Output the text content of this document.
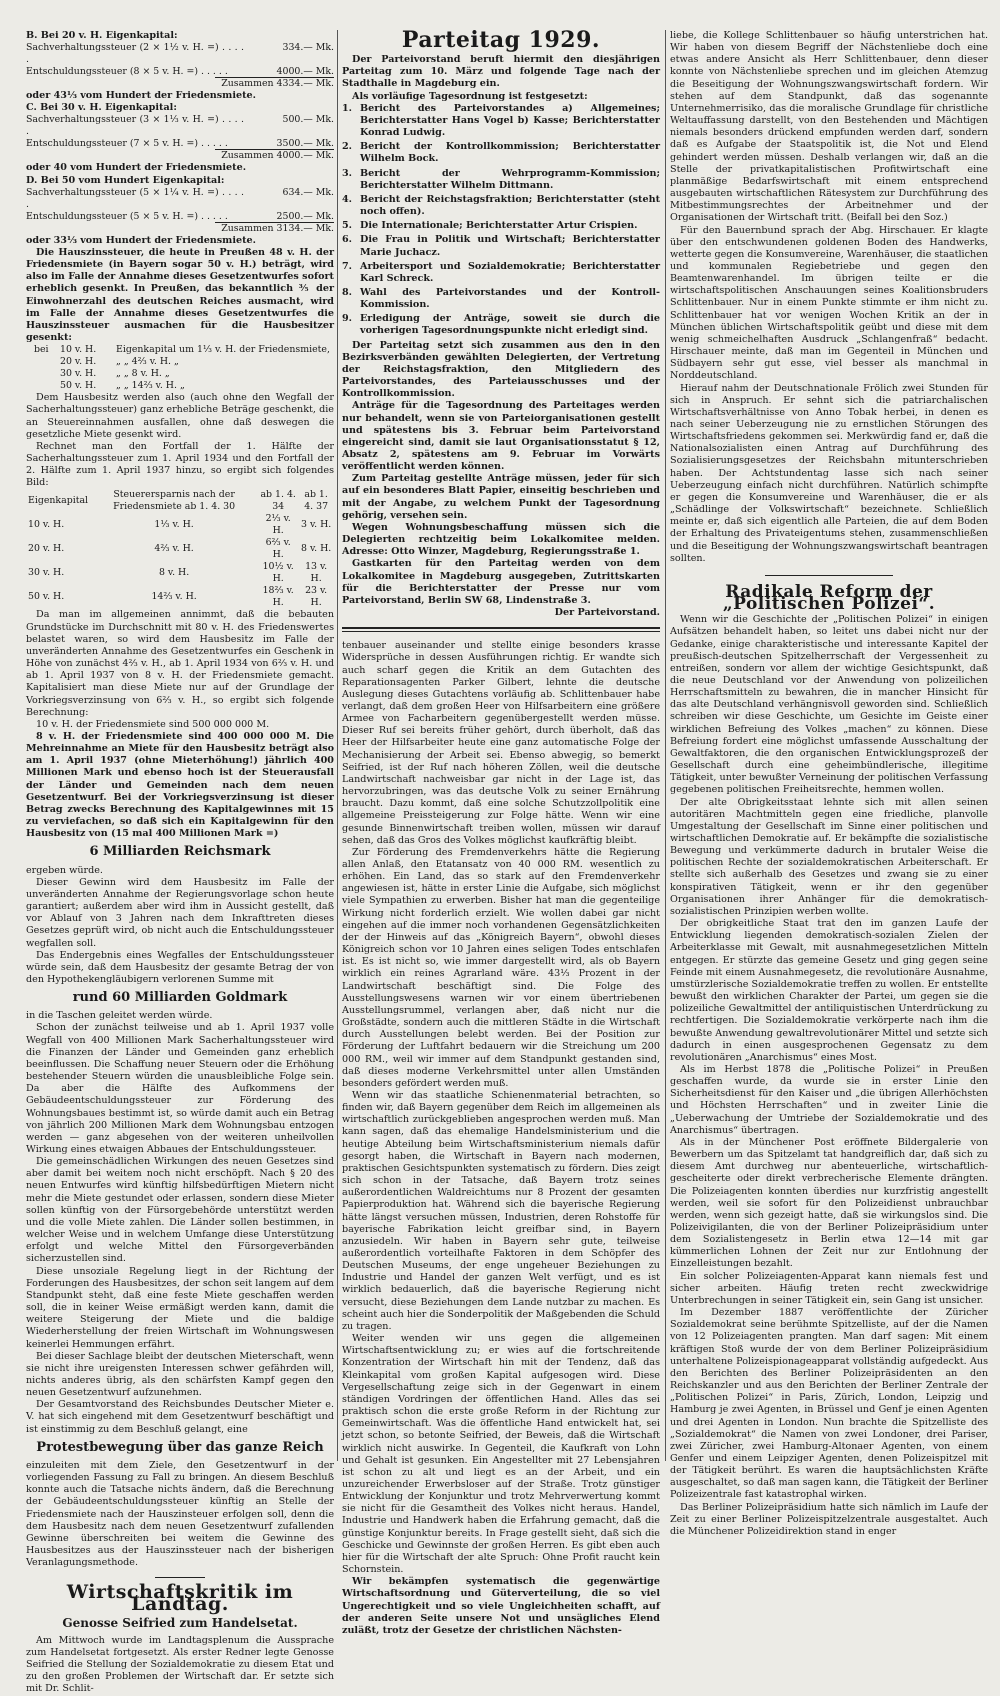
B. Bei 20 v. H. Eigenkapital:

Sachverhaltungssteuer (2 × 1½ v. H. =) . . . . .
334.— Mk.
Entschuldungssteuer (8 × 5 v. H. =) . . . . .	4000.— Mk.
Zusammen 4334.— Mk.

oder 43⅓ vom Hundert der Friedensmiete.

C. Bei 30 v. H. Eigenkapital:

Sachverhaltungssteuer (3 × 1⅓ v. H. =) . . . . .
500.— Mk.
Entschuldungssteuer (7 × 5 v. H. =) . . . . .	3500.— Mk.
Zusammen 4000.— Mk.

oder 40 vom Hundert der Friedensmiete.

D. Bei 50 vom Hundert Eigenkapital:

Sachverhaltungssteuer (5 × 1¼ v. H. =) . . . . .
634.— Mk.
Entschuldungssteuer (5 × 5 v. H. =) . . . . .	2500.— Mk.
Zusammen 3134.— Mk.

oder 33⅓ vom Hundert der Friedensmiete.

Die Hauszinssteuer, die heute in Preußen 48 v. H. der Friedensmiete (in Bayern sogar 50 v. H.) beträgt, wird also im Falle der Annahme dieses Gesetzentwurfes sofort erheblich gesenkt. In Preußen, das bekanntlich ⅗ der Einwohnerzahl des deutschen Reiches ausmacht, wird im Falle der Annahme dieses Gesetzentwurfes die Hauszinssteuer ausmachen für die Hausbesitzer gesenkt:

bei	10 v. H.	Eigenkapital um 1⅓ v. H. der Friedensmiete,
20 v. H.	„ „ 4⅔ v. H. „
30 v. H.	„ „ 8 v. H. „
50 v. H.	„ „ 14⅔ v. H. „

Dem Hausbesitz werden also (auch ohne den Wegfall der Sacherhaltungssteuer) ganz erhebliche Beträge geschenkt, die an Steuereinnahmen ausfallen, ohne daß deswegen die gesetzliche Miete gesenkt wird.

Rechnet man den Fortfall der 1. Hälfte der Sacherhaltungssteuer zum 1. April 1934 und den Fortfall der 2. Hälfte zum 1. April 1937 hinzu, so ergibt sich folgendes Bild:

Eigenkapital	Steuerersparnis nach der Friedensmiete ab 1. 4. 30	ab 1. 4. 34	ab 1. 4. 37
10 v. H.	1⅓ v. H.	2⅓ v. H.	3 v. H.
20 v. H.	4⅔ v. H.	6⅔ v. H.	8 v. H.
30 v. H.	8 v. H.	10½ v. H.	13 v. H.
50 v. H.	14⅔ v. H.	18⅔ v. H.	23 v. H.

Da man im allgemeinen annimmt, daß die bebauten Grundstücke im Durchschnitt mit 80 v. H. des Friedenswertes belastet waren, so wird dem Hausbesitz im Falle der unveränderten Annahme des Gesetzentwurfes ein Geschenk in Höhe von zunächst 4⅔ v. H., ab 1. April 1934 von 6⅔ v. H. und ab 1. April 1937 von 8 v. H. der Friedensmiete gemacht. Kapitalisiert man diese Miete nur auf der Grundlage der Vorkriegsverzinsung von 6⅔ v. H., so ergibt sich folgende Berechnung:

10 v. H. der Friedensmiete sind 500 000 000 M.

8 v. H. der Friedensmiete sind 400 000 000 M. Die Mehreinnahme an Miete für den Hausbesitz beträgt also am 1. April 1937 (ohne Mieterhöhung!) jährlich 400 Millionen Mark und ebenso hoch ist der Steuerausfall der Länder und Gemeinden nach dem neuen Gesetzentwurf. Bei der Vorkriegsverzinsung ist dieser Betrag zwecks Berechnung des Kapitalgewinnes mit 15 zu verviefachen, so daß sich ein Kapitalgewinn für den Hausbesitz von (15 mal 400 Millionen Mark =)

6 Milliarden Reichsmark

ergeben würde.

Dieser Gewinn wird dem Hausbesitz im Falle der unveränderten Annahme der Regierungsvorlage schon heute garantiert; außerdem aber wird ihm in Aussicht gestellt, daß vor Ablauf von 3 Jahren nach dem Inkrafttreten dieses Gesetzes geprüft wird, ob nicht auch die Entschuldungssteuer wegfallen soll.

Das Endergebnis eines Wegfalles der Entschuldungssteuer würde sein, daß dem Hausbesitz der gesamte Betrag der von den Hypothekengläubigern verlorenen Summe mit

rund 60 Milliarden Goldmark

in die Taschen geleitet werden würde.

Schon der zunächst teilweise und ab 1. April 1937 volle Wegfall von 400 Millionen Mark Sacherhaltungssteuer wird die Finanzen der Länder und Gemeinden ganz erheblich beeinflussen. Die Schaffung neuer Steuern oder die Erhöhung bestehender Steuern würden die unausbleibliche Folge sein. Da aber die Hälfte des Aufkommens der Gebäudeentschuldungssteuer zur Förderung des Wohnungsbaues bestimmt ist, so würde damit auch ein Betrag von jährlich 200 Millionen Mark dem Wohnungsbau entzogen werden — ganz abgesehen von der weiteren unheilvollen Wirkung eines etwaigen Abbaues der Entschuldungssteuer.

Die gemeinschädlichen Wirkungen des neuen Gesetzes sind aber damit bei weitem noch nicht erschöpft. Nach § 20 des neuen Entwurfes wird künftig hilfsbedürftigen Mietern nicht mehr die Miete gestundet oder erlassen, sondern diese Mieter sollen künftig von der Fürsorgebehörde unterstützt werden und die volle Miete zahlen. Die Länder sollen bestimmen, in welcher Weise und in welchem Umfange diese Unterstützung erfolgt und welche Mittel den Fürsorgeverbänden sicherzustellen sind.

Diese unsoziale Regelung liegt in der Richtung der Forderungen des Hausbesitzes, der schon seit langem auf dem Standpunkt steht, daß eine feste Miete geschaffen werden soll, die in keiner Weise ermäßigt werden kann, damit die weitere Steigerung der Miete und die baldige Wiederherstellung der freien Wirtschaft im Wohnungswesen keinerlei Hemmungen erfährt.

Bei dieser Sachlage bleibt der deutschen Mieterschaft, wenn sie nicht ihre ureigensten Interessen schwer gefährden will, nichts anderes übrig, als den schärfsten Kampf gegen den neuen Gesetzentwurf aufzunehmen.

Der Gesamtvorstand des Reichsbundes Deutscher Mieter e. V. hat sich eingehend mit dem Gesetzentwurf beschäftigt und ist einstimmig zu dem Beschluß gelangt, eine

Protestbewegung über das ganze Reich

einzuleiten mit dem Ziele, den Gesetzentwurf in der vorliegenden Fassung zu Fall zu bringen. An diesem Beschluß konnte auch die Tatsache nichts ändern, daß die Berechnung der Gebäudeentschuldungssteuer künftig an Stelle der Friedensmiete nach der Hauszinsteuer erfolgen soll, denn die dem Hausbesitz nach dem neuen Gesetzentwurf zufallenden Gewinne überschreiten bei weitem die Gewinne des Hausbesitzes aus der Hauszinssteuer nach der bisherigen Veranlagungsmethode.

Wirtschaftskritik im Landtag.

Genosse Seifried zum Handelsetat.

Am Mittwoch wurde im Landtagsplenum die Aussprache zum Handelsetat fortgesetzt. Als erster Redner legte Genosse Seifried die Stellung der Sozialdemokratie zu diesem Etat und zu den großen Problemen der Wirtschaft dar. Er setzte sich mit Dr. Schlit-

Parteitag 1929.

Der Parteivorstand beruft hiermit den diesjährigen Parteitag zum 10. März und folgende Tage nach der Stadthalle in Magdeburg ein.

Als vorläufige Tagesordnung ist festgesetzt:

1. Bericht des Parteivorstandes a) Allgemeines; Berichterstatter Hans Vogel b) Kasse; Berichterstatter Konrad Ludwig.
2. Bericht der Kontrollkommission; Berichterstatter Wilhelm Bock.
3. Bericht der Wehrprogramm-Kommission; Berichterstatter Wilhelm Dittmann.
4. Bericht der Reichstagsfraktion; Berichterstatter (steht noch offen).
5. Die Internationale; Berichterstatter Artur Crispien.
6. Die Frau in Politik und Wirtschaft; Berichterstatter Marie Juchacz.
7. Arbeitersport und Sozialdemokratie; Berichterstatter Karl Schreck.
8. Wahl des Parteivorstandes und der Kontroll-Kommission.
9. Erledigung der Anträge, soweit sie durch die vorherigen Tagesordnungspunkte nicht erledigt sind.

Der Parteitag setzt sich zusammen aus den in den Bezirksverbänden gewählten Delegierten, der Vertretung der Reichstagsfraktion, den Mitgliedern des Parteivorstandes, des Parteiausschusses und der Kontrollkommission.

Anträge für die Tagesordnung des Parteitages werden nur behandelt, wenn sie von Parteiorganisationen gestellt und spätestens bis 3. Februar beim Parteivorstand eingereicht sind, damit sie laut Organisationsstatut § 12, Absatz 2, spätestens am 9. Februar im Vorwärts veröffentlicht werden können.

Zum Parteitag gestellte Anträge müssen, jeder für sich auf ein besonderes Blatt Papier, einseitig beschrieben und mit der Angabe, zu welchem Punkt der Tagesordnung gehörig, versehen sein.

Wegen Wohnungsbeschaffung müssen sich die Delegierten rechtzeitig beim Lokalkomitee melden. Adresse: Otto Winzer, Magdeburg, Regierungsstraße 1.

Gastkarten für den Parteitag werden von dem Lokalkomitee in Magdeburg ausgegeben, Zutrittskarten für die Berichterstatter der Presse nur vom Parteivorstand, Berlin SW 68, Lindenstraße 3.

Der Parteivorstand.

tenbauer auseinander und stellte einige besonders krasse Widersprüche in dessen Ausführungen richtig. Er wandte sich auch scharf gegen die Kritik an dem Gutachten des Reparationsagenten Parker Gilbert, lehnte die deutsche Auslegung dieses Gutachtens vorläufig ab. Schlittenbauer habe verlangt, daß dem großen Heer von Hilfsarbeitern eine größere Armee von Facharbeitern gegenübergestellt werden müsse. Dieser Ruf sei bereits früher gehört, durch überholt, daß das Heer der Hilfsarbeiter heute eine ganz automatische Folge der Mechanisierung der Arbeit sei. Ebenso abwegig, so bemerkt Seifried, ist der Ruf nach höheren Zöllen, weil die deutsche Landwirtschaft nachweisbar gar nicht in der Lage ist, das hervorzubringen, was das deutsche Volk zu seiner Ernährung braucht. Dazu kommt, daß eine solche Schutzzollpolitik eine allgemeine Preissteigerung zur Folge hätte. Wenn wir eine gesunde Binnenwirtschaft treiben wollen, müssen wir darauf sehen, daß das Gros des Volkes möglichst kaufkräftig bleibt.

Zur Förderung des Fremdenverkehrs hätte die Regierung allen Anlaß, den Etatansatz von 40 000 RM. wesentlich zu erhöhen. Ein Land, das so stark auf den Fremdenverkehr angewiesen ist, hätte in erster Linie die Aufgabe, sich möglichst viele Sympathien zu erwerben. Bisher hat man die gegenteilige Wirkung nicht forderlich erzielt. Wie wollen dabei gar nicht eingehen auf die immer noch vorhandenen Gegensätzlichkeiten der der Hinweis auf das „Königreich Bayern“, obwohl dieses Königreich schon vor 10 Jahren eines seligen Todes entschlafen ist. Es ist nicht so, wie immer dargestellt wird, als ob Bayern wirklich ein reines Agrarland wäre. 43⅓ Prozent in der Landwirtschaft beschäftigt sind. Die Folge des Ausstellungswesens warnen wir vor einem übertriebenen Ausstellungsrummel, verlangen aber, daß nicht nur die Großstädte, sondern auch die mittleren Städte in die Wirtschaft durch Ausstellungen belebt werden. Bei der Position zur Förderung der Luftfahrt bedauern wir die Streichung um 200 000 RM., weil wir immer auf dem Standpunkt gestanden sind, daß dieses moderne Verkehrsmittel unter allen Umständen besonders gefördert werden muß.

Wenn wir das staatliche Schienenmaterial betrachten, so finden wir, daß Bayern gegenüber dem Reich im allgemeinen als wirtschaftlich zurückgeblieben angesprochen werden muß. Man kann sagen, daß das ehemalige Handelsministerium und die heutige Abteilung beim Wirtschaftsministerium niemals dafür gesorgt haben, die Wirtschaft in Bayern nach modernen, praktischen Gesichtspunkten systematisch zu fördern. Dies zeigt sich schon in der Tatsache, daß Bayern trotz seines außerordentlichen Waldreichtums nur 8 Prozent der gesamten Papierproduktion hat. Während sich die bayerische Regierung hätte längst versuchen müssen, Industrien, deren Rohstoffe für bayerische Fabrikation leicht greifbar sind, in Bayern anzusiedeln. Wir haben in Bayern sehr gute, teilweise außerordentlich vorteilhafte Faktoren in dem Schöpfer des Deutschen Museums, der enge ungeheuer Beziehungen zu Industrie und Handel der ganzen Welt verfügt, und es ist wirklich bedauerlich, daß die bayerische Regierung nicht versucht, diese Beziehungen dem Lande nutzbar zu machen. Es scheint auch hier die Sonderpolitik der Maßgebenden die Schuld zu tragen.

Weiter wenden wir uns gegen die allgemeinen Wirtschaftsentwicklung zu; er wies auf die fortschreitende Konzentration der Wirtschaft hin mit der Tendenz, daß das Kleinkapital vom großen Kapital aufgesogen wird. Diese Vergesellschaftung zeige sich in der Gegenwart in einem ständigen Vordringen der öffentlichen Hand. Alles das sei praktisch schon die erste große Reform in der Richtung zur Gemeinwirtschaft. Was die öffentliche Hand entwickelt hat, sei jetzt schon, so betonte Seifried, der Beweis, daß die Wirtschaft wirklich nicht auswirke. In Gegenteil, die Kaufkraft von Lohn und Gehalt ist gesunken. Ein Angestellter mit 27 Lebensjahren ist schon zu alt und liegt es an der Arbeit, und ein unzureichender Erwerbsloser auf der Straße. Trotz günstiger Entwicklung der Konjunktur und trotz Mehrverwertung kommt sie nicht für die Gesamtheit des Volkes nicht heraus. Handel, Industrie und Handwerk haben die Erfahrung gemacht, daß die günstige Konjunktur bereits. In Frage gestellt sieht, daß sich die Geschicke und Gewinnste der großen Herren. Es gibt eben auch hier für die Wirtschaft der alte Spruch: Ohne Profit raucht kein Schornstein.

Wir bekämpfen systematisch die gegenwärtige Wirtschaftsordnung und Güterverteilung, die so viel Ungerechtigkeit und so viele Ungleichheiten schafft, auf der anderen Seite unsere Not und unsägliches Elend zuläßt, trotz der Gesetze der christlichen Nächsten-

liebe, die Kollege Schlittenbauer so häufig unterstrichen hat. Wir haben von diesem Begriff der Nächstenliebe doch eine etwas andere Ansicht als Herr Schlittenbauer, denn dieser konnte von Nächstenliebe sprechen und im gleichen Atemzug die Beseitigung der Wohnungszwangswirtschaft fordern. Wir stehen auf dem Standpunkt, daß das sogenannte Unternehmerrisiko, das die moralische Grundlage für christliche Weltauffassung darstellt, von den Bestehenden und Mächtigen niemals besonders drückend empfunden werden darf, sondern daß es Aufgabe der Staatspolitik ist, die Not und Elend gehindert werden müssen. Deshalb verlangen wir, daß an die Stelle der privatkapitalistischen Profitwirtschaft eine planmäßige Bedarfswirtschaft mit einem entsprechend ausgebauten wirtschaftlichen Rätesystem zur Durchführung des Mitbestimmungsrechtes der Arbeitnehmer und der Organisationen der Wirtschaft tritt. (Beifall bei den Soz.)

Für den Bauernbund sprach der Abg. Hirschauer. Er klagte über den entschwundenen goldenen Boden des Handwerks, wetterte gegen die Konsumvereine, Warenhäuser, die staatlichen und kommunalen Regiebetriebe und gegen den Beamtenwarenhandel. Im übrigen teilte er die wirtschaftspolitischen Anschauungen seines Koalitionsbruders Schlittenbauer. Nur in einem Punkte stimmte er ihm nicht zu. Schlittenbauer hat vor wenigen Wochen Kritik an der in München üblichen Wirtschaftspolitik geübt und diese mit dem wenig schmeichelhaften Ausdruck „Schlangenfraß“ bedacht. Hirschauer meinte, daß man im Gegenteil in München und Südbayern sehr gut esse, viel besser als manchmal in Norddeutschland.

Hierauf nahm der Deutschnationale Frölich zwei Stunden für sich in Anspruch. Er sehnt sich die patriarchalischen Wirtschaftsverhältnisse von Anno Tobak herbei, in denen es nach seiner Ueberzeugung nie zu ernstlichen Störungen des Wirtschaftsfriedens gekommen sei. Merkwürdig fand er, daß die Nationalsozialisten einen Antrag auf Durchführung des Sozialisierungsgesetzes der Reichsbahn mitunterschrieben haben. Der Achtstundentag lasse sich nach seiner Ueberzeugung einfach nicht durchführen. Natürlich schimpfte er gegen die Konsumvereine und Warenhäuser, die er als „Schädlinge der Volkswirtschaft“ bezeichnete. Schließlich meinte er, daß sich eigentlich alle Parteien, die auf dem Boden der Erhaltung des Privateigentums stehen, zusammenschließen und die Beseitigung der Wohnungszwangswirtschaft beantragen sollten.

Radikale Reform der „Politischen Polizei“.

Wenn wir die Geschichte der „Politischen Polizei“ in einigen Aufsätzen behandelt haben, so leitet uns dabei nicht nur der Gedanke, einige charakteristische und interessante Kapitel der preußisch-deutschen Spitzelherrschaft der Vergessenheit zu entreißen, sondern vor allem der wichtige Gesichtspunkt, daß die neue Deutschland vor der Anwendung von polizeilichen Herrschaftsmitteln zu bewahren, die in mancher Hinsicht für das alte Deutschland verhängnisvoll geworden sind. Schließlich schreiben wir diese Geschichte, um Gesichte im Geiste einer wirklichen Befreiung des Volkes „machen“ zu können. Diese Befreiung fordert eine möglichst umfassende Ausschaltung der Gewaltfaktoren, die den organischen Entwicklungsprozeß der Gesellschaft durch eine geheimbündlerische, illegitime Tätigkeit, unter bewußter Verneinung der politischen Verfassung gegebenen politischen Freiheitsrechte, hemmen wollen.

Der alte Obrigkeitsstaat lehnte sich mit allen seinen autoritären Machtmitteln gegen eine friedliche, planvolle Umgestaltung der Gesellschaft im Sinne einer politischen und wirtschaftlichen Demokratie auf. Er bekämpfte die sozialistische Bewegung und verkümmerte dadurch in brutaler Weise die politischen Rechte der sozialdemokratischen Arbeiterschaft. Er stellte sich außerhalb des Gesetzes und zwang sie zu einer konspirativen Tätigkeit, wenn er ihr den gegenüber Organisationen ihrer Anhänger für die demokratisch-sozialistischen Prinzipien werben wollte.

Der obrigkeitliche Staat trat den im ganzen Laufe der Entwicklung liegenden demokratisch-sozialen Zielen der Arbeiterklasse mit Gewalt, mit ausnahmegesetzlichen Mitteln entgegen. Er stürzte das gemeine Gesetz und ging gegen seine Feinde mit einem Ausnahmegesetz, die revolutionäre Ausnahme, umstürzlerische Sozialdemokratie treffen zu wollen. Er entstellte bewußt den wirklichen Charakter der Partei, um gegen sie die polizeiliche Gewaltmittel der antiliquistischen Unterdrückung zu rechtfertigen. Die Sozialdemokratie verkörperte nach ihm die bewußte Anwendung gewaltrevolutionärer Mittel und setzte sich dadurch in einen ausgesprochenen Gegensatz zu dem revolutionären „Anarchismus“ eines Most.

Als im Herbst 1878 die „Politische Polizei“ in Preußen geschaffen wurde, da wurde sie in erster Linie den Sicherheitsdienst für den Kaiser und „die übrigen Allerhöchsten und Höchsten Herrschaften“ und in zweiter Linie die „Ueberwachung der Umtriebe der Sozialdemokratie und des Anarchismus“ übertragen.

Als in der Münchener Post eröffnete Bildergalerie von Bewerbern um das Spitzelamt tat handgreiflich dar, daß sich zu diesem Amt durchweg nur abenteuerliche, wirtschaftlich-gescheiterte oder direkt verbrecherische Elemente drängten. Die Polizeiagenten konnten überdies nur kurzfristig angestellt werden, weil sie sofort für den Polizeidienst unbrauchbar werden, wenn sich gezeigt hatte, daß sie wirkungslos sind. Die Polizeivigilanten, die von der Berliner Polizeipräsidium unter dem Sozialistengesetz in Berlin etwa 12—14 mit gar kümmerlichen Lohnen der Zeit nur zur Entlohnung der Einzelleistungen bezahlt.

Ein solcher Polizeiagenten-Apparat kann niemals fest und sicher arbeiten. Häufig treten recht zweckwidrige Unterbrechungen in seiner Tätigkeit ein, sein Gang ist unsicher.

Im Dezember 1887 veröffentlichte der Züricher Sozialdemokrat seine berühmte Spitzelliste, auf der die Namen von 12 Polizeiagenten prangten. Man darf sagen: Mit einem kräftigen Stoß wurde der von dem Berliner Polizeipräsidium unterhaltene Polizeispionageapparat vollständig aufgedeckt. Aus den Berichten des Berliner Polizeipräsidenten an den Reichskanzler und aus den Berichten der Berliner Zentrale der „Politischen Polizei“ in Paris, Zürich, London, Leipzig und Hamburg je zwei Agenten, in Brüssel und Genf je einen Agenten und drei Agenten in London. Nun brachte die Spitzelliste des „Sozialdemokrat“ die Namen von zwei Londoner, drei Pariser, zwei Züricher, zwei Hamburg-Altonaer Agenten, von einem Genfer und einem Leipziger Agenten, denen Polizeispitzel mit der Tätigkeit berührt. Es waren die hauptsächlichsten Kräfte ausgeschaltet, so daß man sagen kann, die Tätigkeit der Berliner Polizeizentrale fast katastrophal wirken.

Das Berliner Polizeipräsidium hatte sich nämlich im Laufe der Zeit zu einer Berliner Polizeispitzelzentrale ausgestaltet. Auch die Münchener Polizeidirektion stand in enger
